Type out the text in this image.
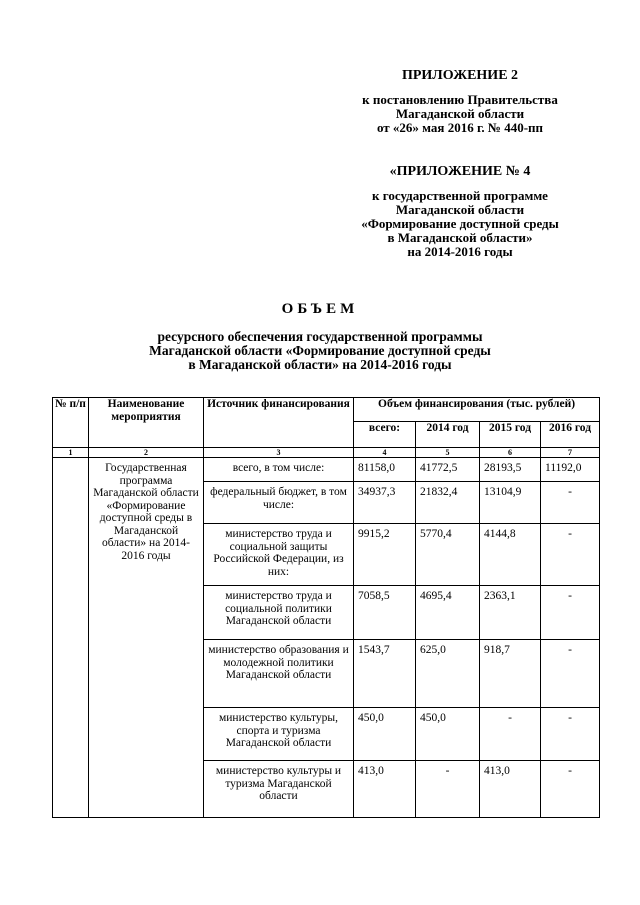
ПРИЛОЖЕНИЕ 2
к постановлению Правительства
Магаданской области
от «26» мая 2016 г. № 440-пп
«ПРИЛОЖЕНИЕ № 4
к государственной программе
Магаданской области
«Формирование доступной среды
в Магаданской области»
на 2014-2016 годы
ОБЪЕМ
ресурсного обеспечения государственной программы
Магаданской области «Формирование доступной среды
в Магаданской области» на 2014-2016 годы
№ п/п	Наименование мероприятия	Источник финансирования	Объем финансирования (тыс. рублей)			
			всего:	2014 год	2015 год	2016 год
1	2	3	4	5	6	7
	Государственная программа Магаданской области «Формирование доступной среды в Магаданской области» на 2014-2016 годы	всего, в том числе:	81158,0	41772,5	28193,5	11192,0
		федеральный бюджет, в том числе:	34937,3	21832,4	13104,9	-
		министерство труда и социальной защиты Российской Федерации, из них:	9915,2	5770,4	4144,8	-
		министерство труда и социальной политики Магаданской области	7058,5	4695,4	2363,1	-
		министерство образования и молодежной политики Магаданской области	1543,7	625,0	918,7	-
		министерство культуры, спорта и туризма Магаданской области	450,0	450,0	-	-
		министерство культуры и туризма Магаданской области	413,0	-	413,0	-
